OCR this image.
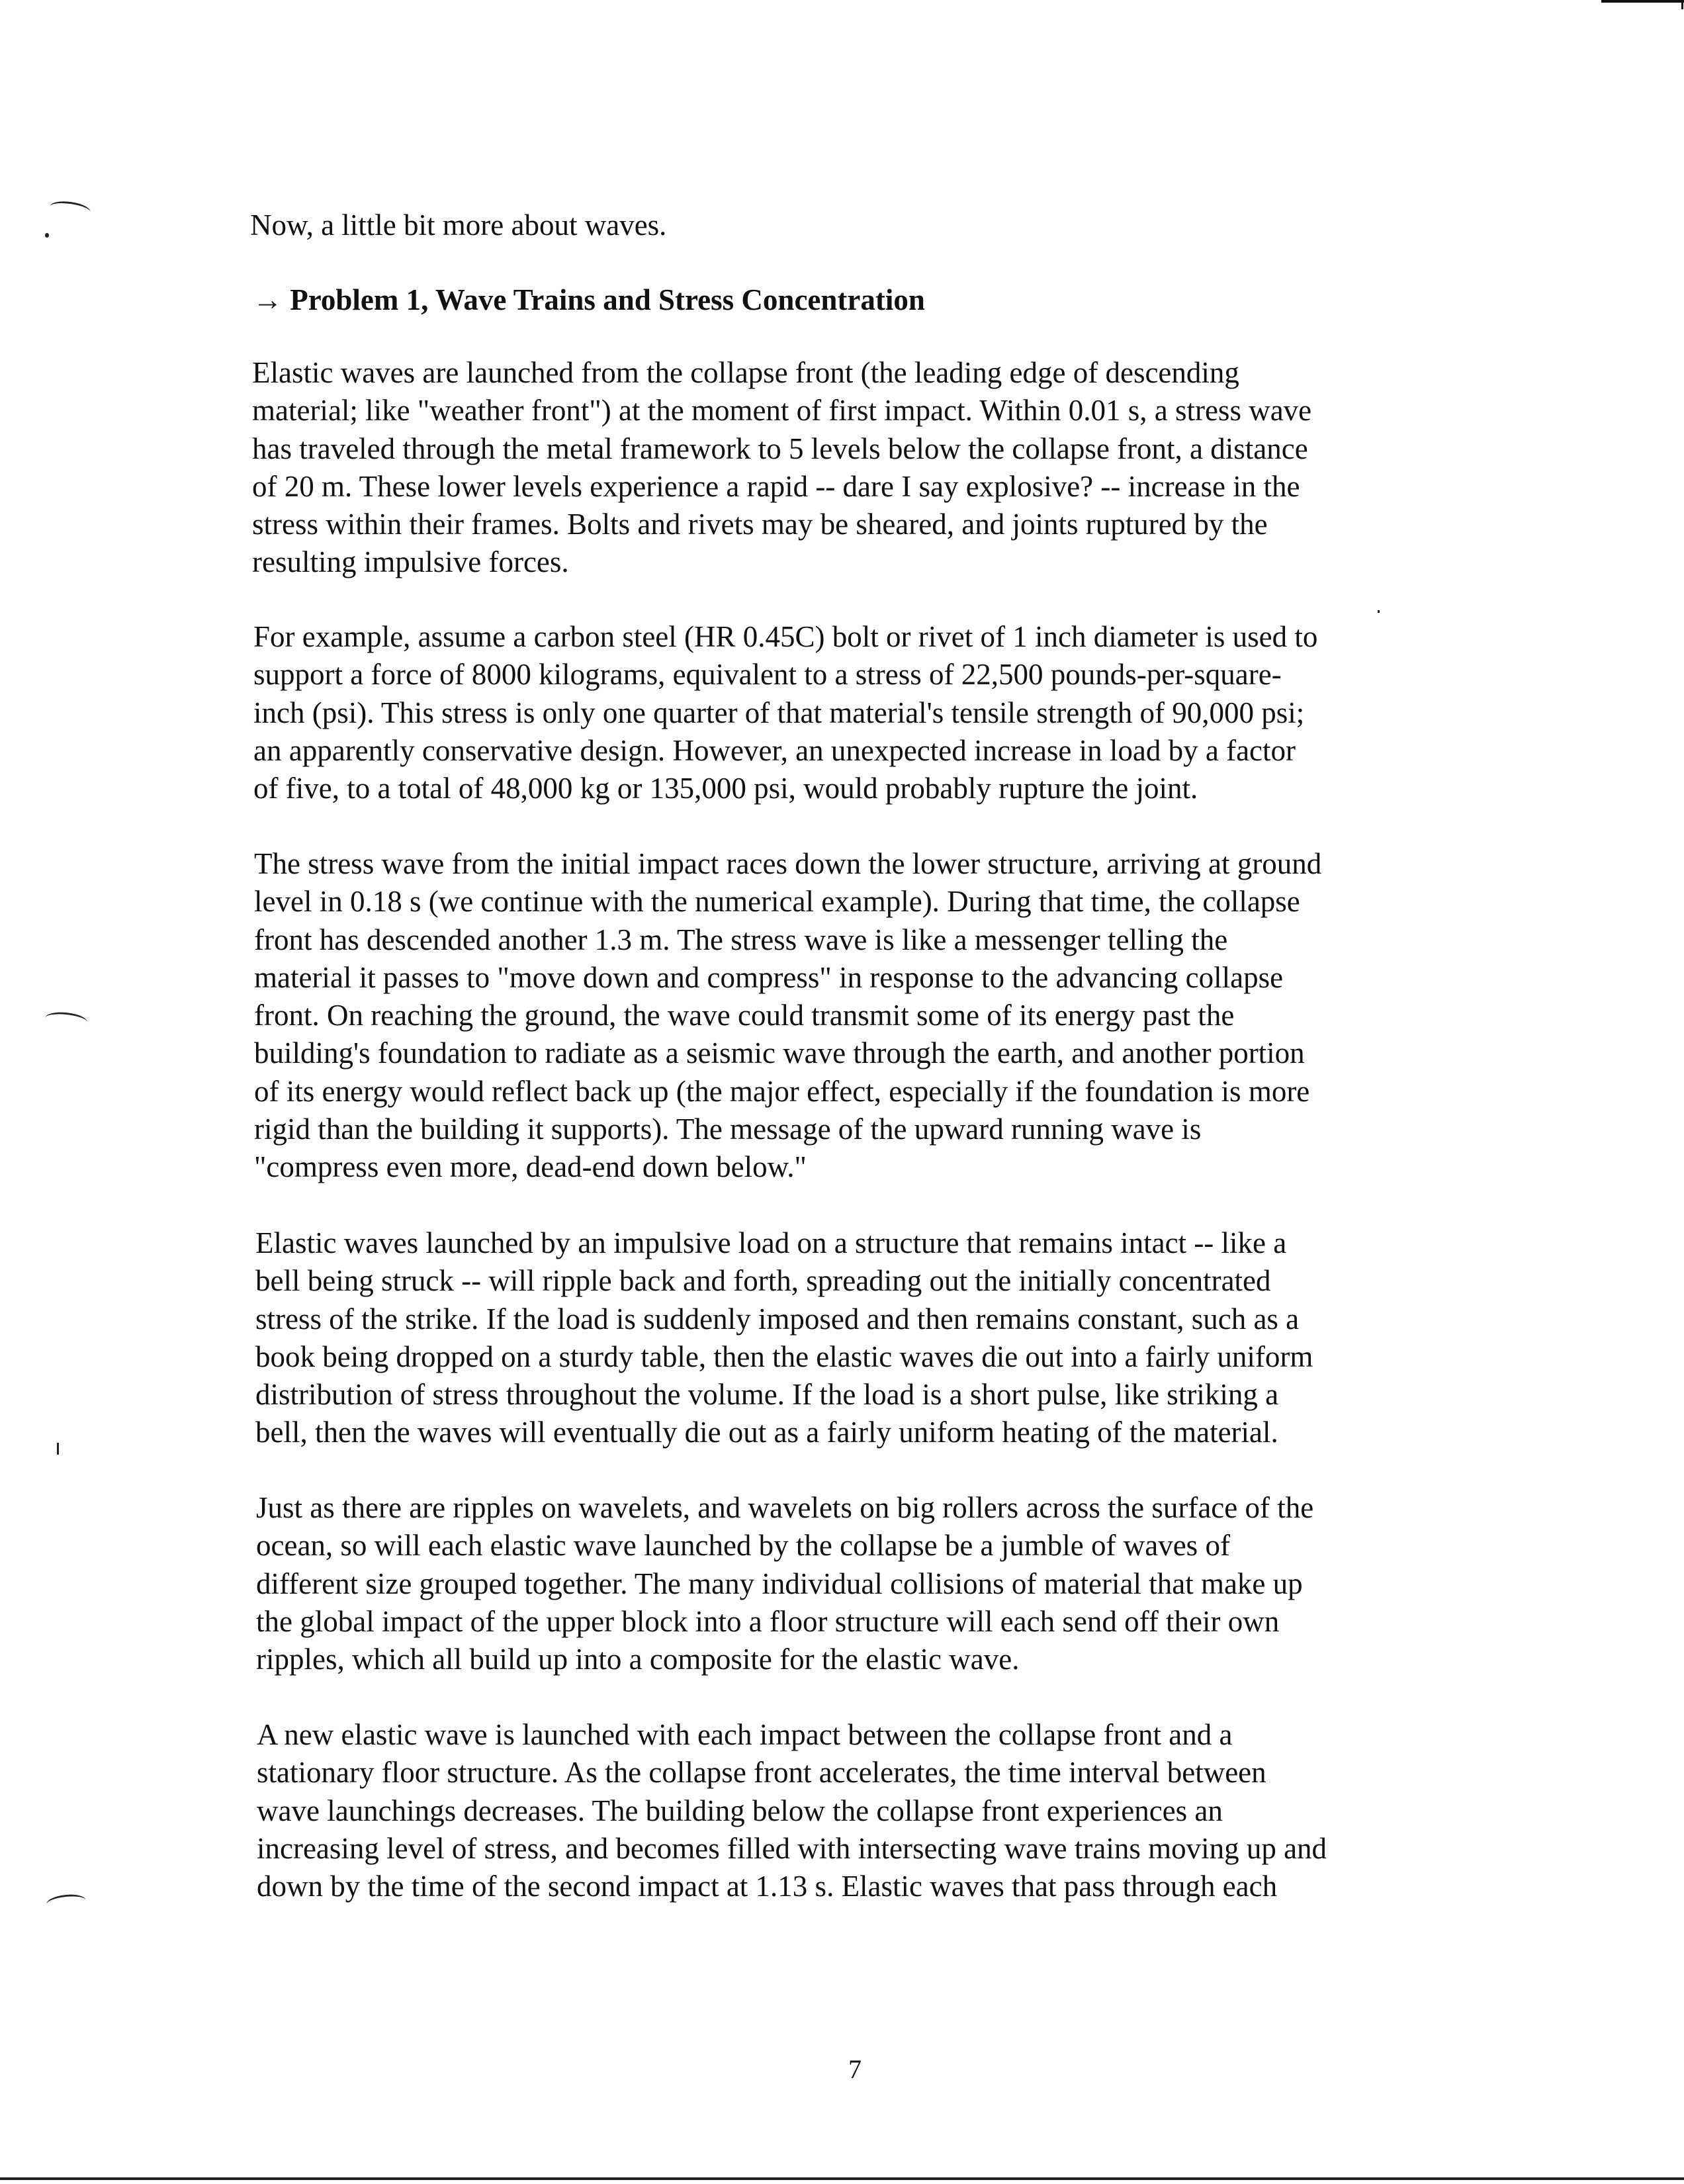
Now, a little bit more about waves.
→ Problem 1, Wave Trains and Stress Concentration
Elastic waves are launched from the collapse front (the leading edge of descending
material; like "weather front") at the moment of first impact. Within 0.01 s, a stress wave
has traveled through the metal framework to 5 levels below the collapse front, a distance
of 20 m. These lower levels experience a rapid -- dare I say explosive? -- increase in the
stress within their frames. Bolts and rivets may be sheared, and joints ruptured by the
resulting impulsive forces.
For example, assume a carbon steel (HR 0.45C) bolt or rivet of 1 inch diameter is used to
support a force of 8000 kilograms, equivalent to a stress of 22,500 pounds-per-square-
inch (psi). This stress is only one quarter of that material's tensile strength of 90,000 psi;
an apparently conservative design. However, an unexpected increase in load by a factor
of five, to a total of 48,000 kg or 135,000 psi, would probably rupture the joint.
The stress wave from the initial impact races down the lower structure, arriving at ground
level in 0.18 s (we continue with the numerical example). During that time, the collapse
front has descended another 1.3 m. The stress wave is like a messenger telling the
material it passes to "move down and compress" in response to the advancing collapse
front. On reaching the ground, the wave could transmit some of its energy past the
building's foundation to radiate as a seismic wave through the earth, and another portion
of its energy would reflect back up (the major effect, especially if the foundation is more
rigid than the building it supports). The message of the upward running wave is
"compress even more, dead-end down below."
Elastic waves launched by an impulsive load on a structure that remains intact -- like a
bell being struck -- will ripple back and forth, spreading out the initially concentrated
stress of the strike. If the load is suddenly imposed and then remains constant, such as a
book being dropped on a sturdy table, then the elastic waves die out into a fairly uniform
distribution of stress throughout the volume. If the load is a short pulse, like striking a
bell, then the waves will eventually die out as a fairly uniform heating of the material.
Just as there are ripples on wavelets, and wavelets on big rollers across the surface of the
ocean, so will each elastic wave launched by the collapse be a jumble of waves of
different size grouped together. The many individual collisions of material that make up
the global impact of the upper block into a floor structure will each send off their own
ripples, which all build up into a composite for the elastic wave.
A new elastic wave is launched with each impact between the collapse front and a
stationary floor structure. As the collapse front accelerates, the time interval between
wave launchings decreases. The building below the collapse front experiences an
increasing level of stress, and becomes filled with intersecting wave trains moving up and
down by the time of the second impact at 1.13 s. Elastic waves that pass through each
7
